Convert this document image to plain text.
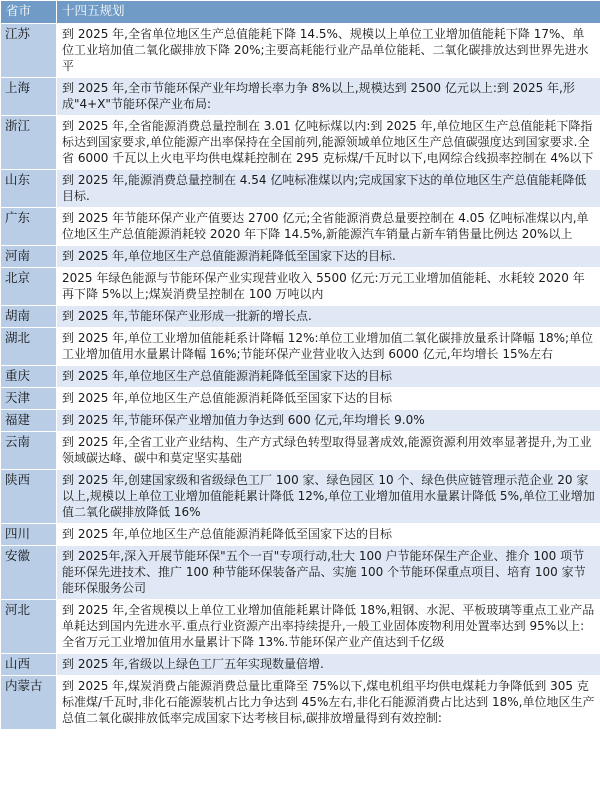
省市	十四五规划
江苏	到 2025 年,全省单位地区生产总值能耗下降 14.5%、规模以上单位工业增加值能耗下降 17%、单位工业培加值二氧化碳排放下降 20%;主要高耗能行业产品单位能耗、二氧化碳排放达到世界先进水平
上海	到 2025 年,全市节能环保产业年均增长率力争 8%以上,规模达到 2500 亿元以上:到 2025 年,形成"4+X"节能环保产业布局:
浙江	到 2025 年,全省能源消费总量控制在 3.01 亿吨标煤以内:到 2025 年,单位地区生产总值能耗下降指标达到国家要求,单位能源产出率保持在全国前列,能源领域单位地区生产总值碳强度达到国家要求.全省 6000 千瓦以上火电平均供电煤耗控制在 295 克标煤/千瓦时以下,电网综合线损率控制在 4%以下
山东	到 2025 年,能源消费总量控制在 4.54 亿吨标准煤以内;完成国家下达的单位地区生产总值能耗降低目标.
广东	到 2025 年节能环保产业产值要达 2700 亿元;全省能源消费总量要控制在 4.05 亿吨标准煤以内,单位地区生产总值能源消耗较 2020 年下降 14.5%,新能源汽车销量占新车销售量比例达 20%以上
河南	到 2025 年,单位地区生产总值能源消耗降低至国家下达的目标.
北京	2025 年绿色能源与节能环保产业实现营业收入 5500 亿元:万元工业增加值能耗、水耗较 2020 年再下降 5%以上;煤炭消费呈控制在 100 万吨以内
胡南	到 2025 年,节能环保产业形成一批新的增长点.
湖北	到 2025 年,单位工业增加值能耗系计降幅 12%:单位工业增加值二氧化碳排放量系计降幅 18%;单位工业增加值用水量累计降幅 16%;节能环保产业营业收入达到 6000 亿元,年均增长 15%左右
重庆	到 2025 年,单位地区生产总值能源消耗降低至国家下达的目标
天津	到 2025 年,单位地区生产总值能源消耗降低至国家下达的目标
福建	到 2025 年,节能环保产业增加值力争达到 600 亿元,年均增长 9.0%
云南	到 2025 年,全省工业产业结构、生产方式绿色转型取得显著成效,能源资源利用效率显著提升,为工业领域碳达峰、碳中和莫定坚实基础
陕西	到 2025 年,创建国家级和省级绿色工厂 100 家、绿色园区 10 个、绿色供应链管理示范企业 20 家以上,规模以上单位工业增加值能耗累计降低 12%,单位工业增加值用水量累计降低 5%,单位工业增加值二氧化碳排放降低 16%
四川	到 2025 年,单位地区生产总值能源消耗降低至国家下达的目标
安徽	到 2025年,深入开展节能环保"五个一百"专项行动,壮大 100 户节能环保生产企业、推介 100 项节能环保先进技术、推广 100 种节能环保装备产品、实施 100 个节能环保重点项目、培育 100 家节能环保服务公司
河北	到 2025 年,全省规模以上单位工业增加值能耗累计降低 18%,粗钢、水泥、平板玻璃等重点工业产品单耗达到国内先进水平.重点行业资源产出率持续提升,一般工业固体废物利用处置率达到 95%以上:全省万元工业增加值用水量累计下降 13%.节能环保产业产值达到千亿级
山西	到 2025 年,省级以上绿色工厂五年实现数量倍增.
内蒙古	到 2025 年,煤炭消费占能源消费总量比重降至 75%以下,煤电机组平均供电煤耗力争降低到 305 克标准煤/千瓦时,非化石能源装机占比力争达到 45%左右,非化石能源消费占比达到 18%,单位地区生产总值二氧化碳排放低率完成国家下达考核目标,碳排放增量得到有效控制:
